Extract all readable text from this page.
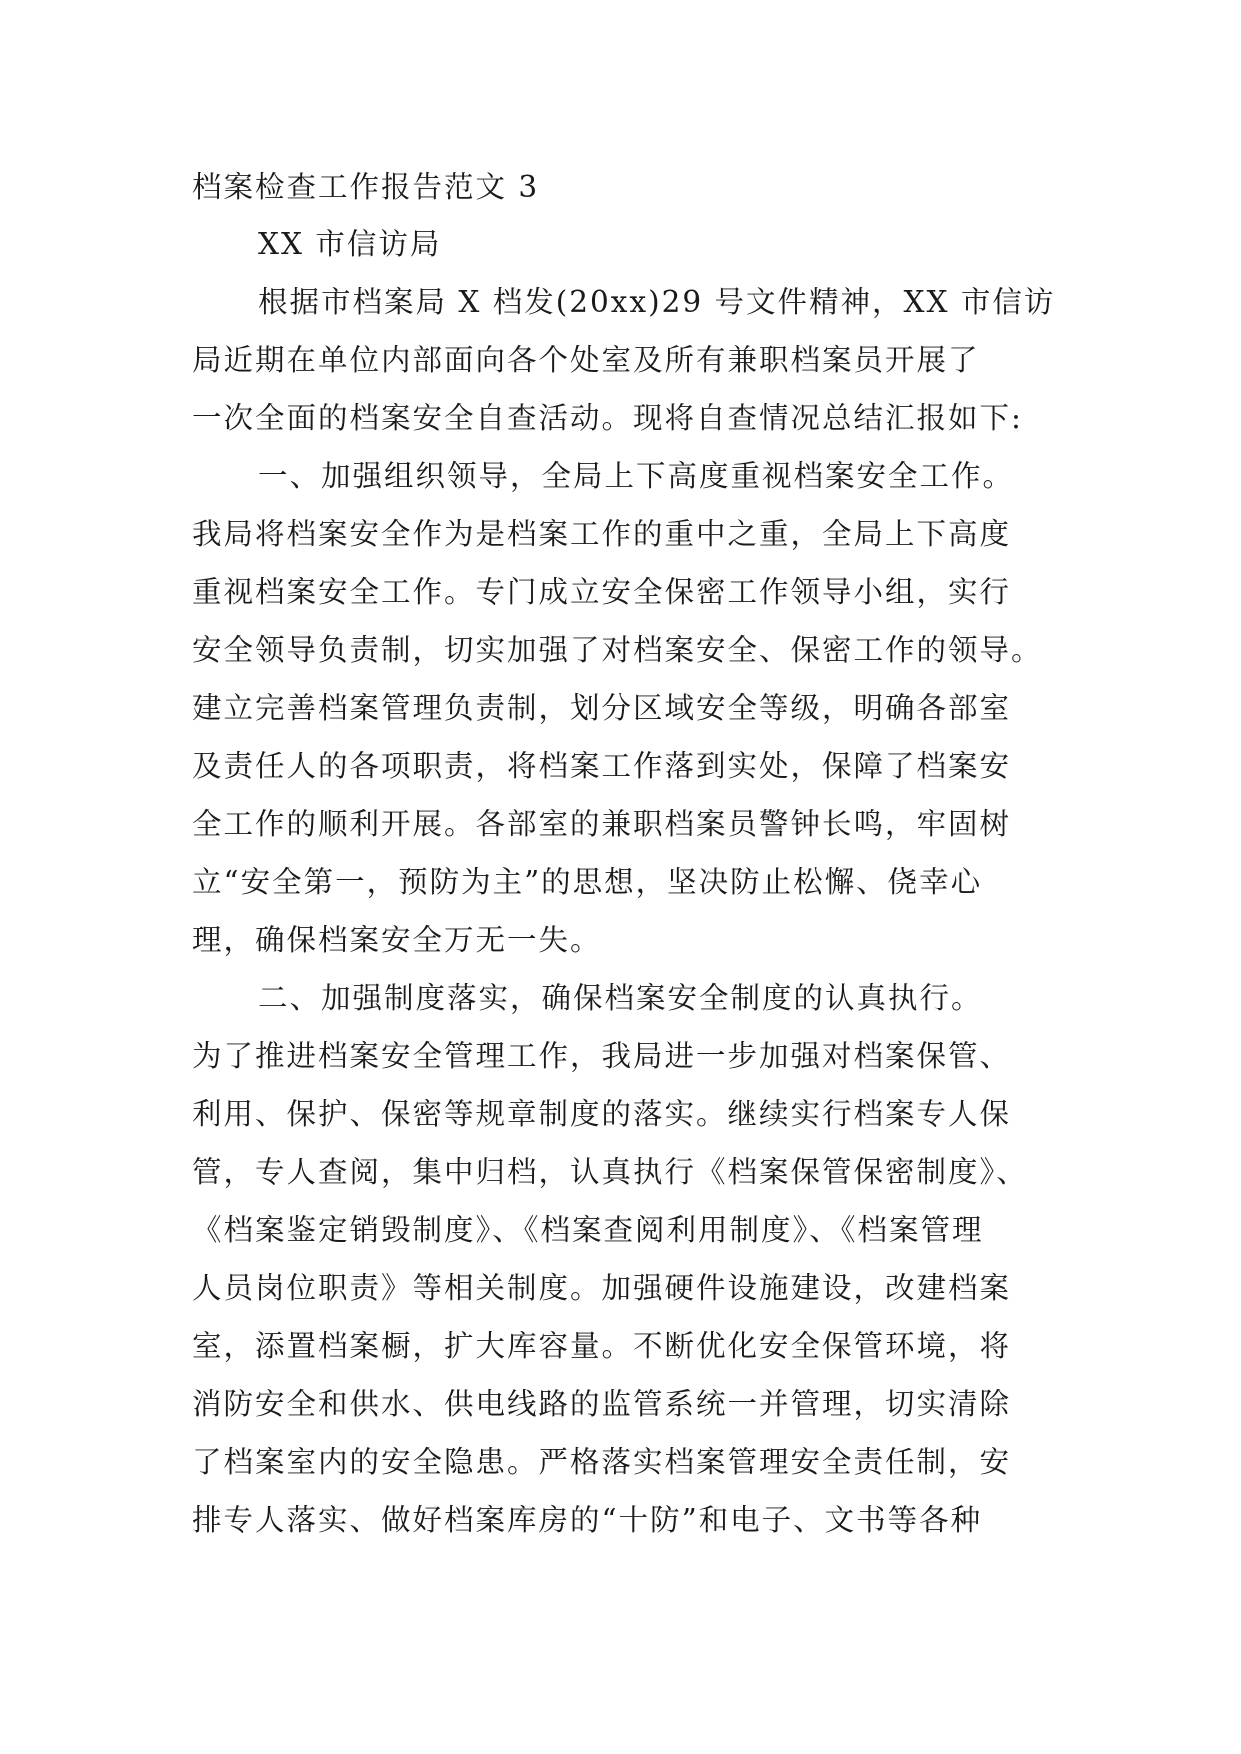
档案检查工作报告范文 3
XX 市信访局
根据市档案局 X 档发(20xx)29 号文件精神，XX 市信访
局近期在单位内部面向各个处室及所有兼职档案员开展了
一次全面的档案安全自查活动。现将自查情况总结汇报如下:
一、加强组织领导，全局上下高度重视档案安全工作。
我局将档案安全作为是档案工作的重中之重，全局上下高度
重视档案安全工作。专门成立安全保密工作领导小组，实行
安全领导负责制，切实加强了对档案安全、保密工作的领导。
建立完善档案管理负责制，划分区域安全等级，明确各部室
及责任人的各项职责，将档案工作落到实处，保障了档案安
全工作的顺利开展。各部室的兼职档案员警钟长鸣，牢固树
立“安全第一，预防为主”的思想，坚决防止松懈、侥幸心
理，确保档案安全万无一失。
二、加强制度落实，确保档案安全制度的认真执行。
为了推进档案安全管理工作，我局进一步加强对档案保管、
利用、保护、保密等规章制度的落实。继续实行档案专人保
管，专人查阅，集中归档，认真执行《档案保管保密制度》、
《档案鉴定销毁制度》、《档案查阅利用制度》、《档案管理
人员岗位职责》等相关制度。加强硬件设施建设，改建档案
室，添置档案橱，扩大库容量。不断优化安全保管环境，将
消防安全和供水、供电线路的监管系统一并管理，切实清除
了档案室内的安全隐患。严格落实档案管理安全责任制，安
排专人落实、做好档案库房的“十防”和电子、文书等各种
